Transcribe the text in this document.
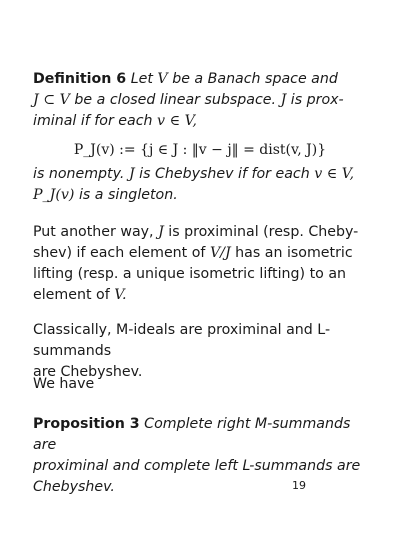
Definition 6 Let V be a Banach space and
J ⊂ V be a closed linear subspace. J is prox-
iminal if for each v ∈ V,
P_J(v) := {j ∈ J : ‖v − j‖ = dist(v, J)}
is nonempty. J is Chebyshev if for each v ∈ V,
P_J(v) is a singleton.
Put another way, J is proximinal (resp. Cheby-
shev) if each element of V/J has an isometric
lifting (resp. a unique isometric lifting) to an
element of V.
Classically, M-ideals are proximinal and L-summands
are Chebyshev.
We have
Proposition 3 Complete right M-summands are
proximinal and complete left L-summands are
Chebyshev.	19
